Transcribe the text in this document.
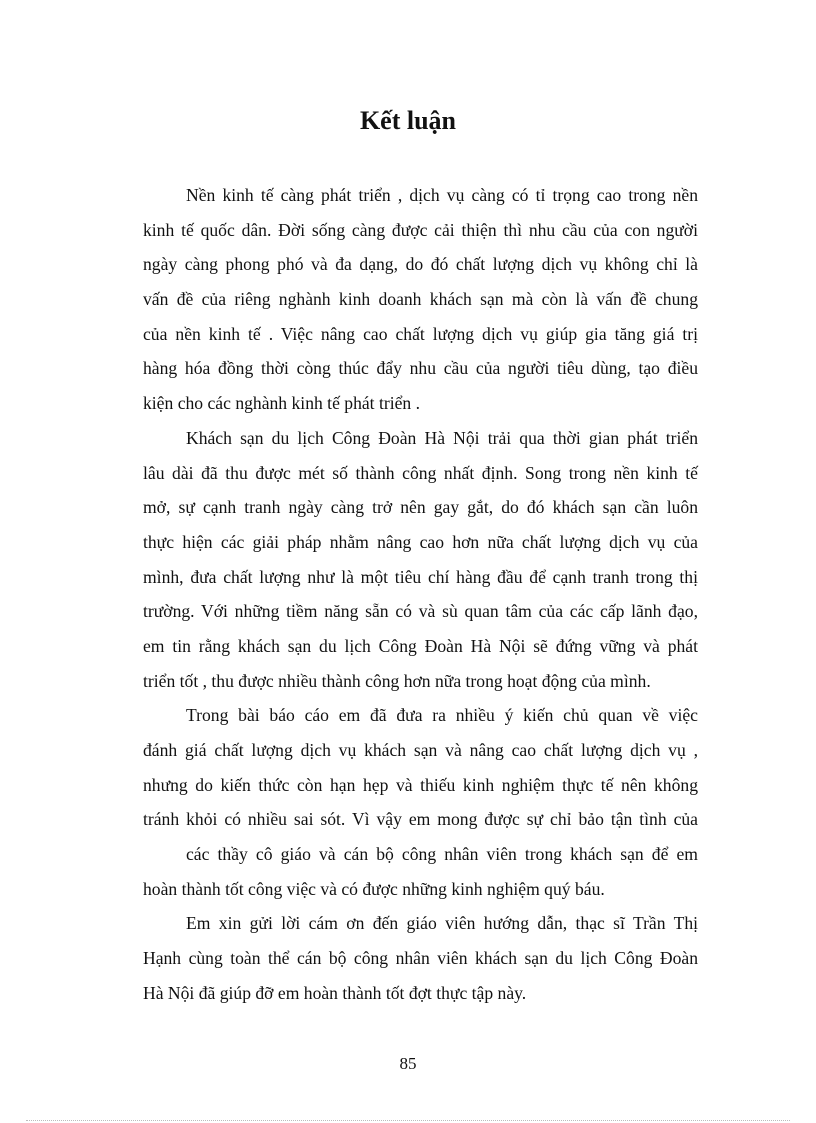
Kết luận
Nền kinh tế càng phát triển , dịch vụ càng có tỉ trọng cao trong nền
kinh tế quốc dân. Đời sống càng được cải thiện thì nhu cầu của con người
ngày càng phong phó và đa dạng, do đó chất lượng dịch vụ không chỉ là
vấn đề của riêng nghành kinh doanh khách sạn mà còn là vấn đề chung
của nền kinh tế . Việc nâng cao chất lượng dịch vụ giúp gia tăng giá trị
hàng hóa đồng thời còng thúc đẩy nhu cầu của người tiêu dùng, tạo điều
kiện cho các nghành kinh tế phát triển .
Khách sạn du lịch Công Đoàn Hà Nội trải qua thời gian phát triển
lâu dài đã thu được mét số thành công nhất định. Song trong nền kinh tế
mở, sự cạnh tranh ngày càng trở nên gay gắt, do đó khách sạn cần luôn
thực hiện các giải pháp nhằm nâng cao hơn nữa chất lượng dịch vụ của
mình, đưa chất lượng như là một tiêu chí hàng đầu để cạnh tranh trong thị
trường. Với những tiềm năng sẵn có và sù quan tâm của các cấp lãnh đạo,
em tin rằng khách sạn du lịch Công Đoàn Hà Nội sẽ đứng vững và phát
triển tốt , thu được nhiều thành công hơn nữa trong hoạt động của mình.
Trong bài báo cáo em đã đưa ra nhiều ý kiến chủ quan về việc
đánh giá chất lượng dịch vụ khách sạn và nâng cao chất lượng dịch vụ ,
nhưng do kiến thức còn hạn hẹp và thiếu kinh nghiệm thực tế nên không
tránh khỏi có nhiều sai sót. Vì vậy em mong được sự chỉ bảo tận tình của
các thầy cô giáo và cán bộ công nhân viên trong khách sạn để em
hoàn thành tốt công việc và có được những kinh nghiệm quý báu.
Em xin gửi lời cám ơn đến giáo viên hướng dẫn, thạc sĩ Trần Thị
Hạnh cùng toàn thể cán bộ công nhân viên khách sạn du lịch Công Đoàn
Hà Nội đã giúp đỡ em hoàn thành tốt đợt thực tập này.
85
